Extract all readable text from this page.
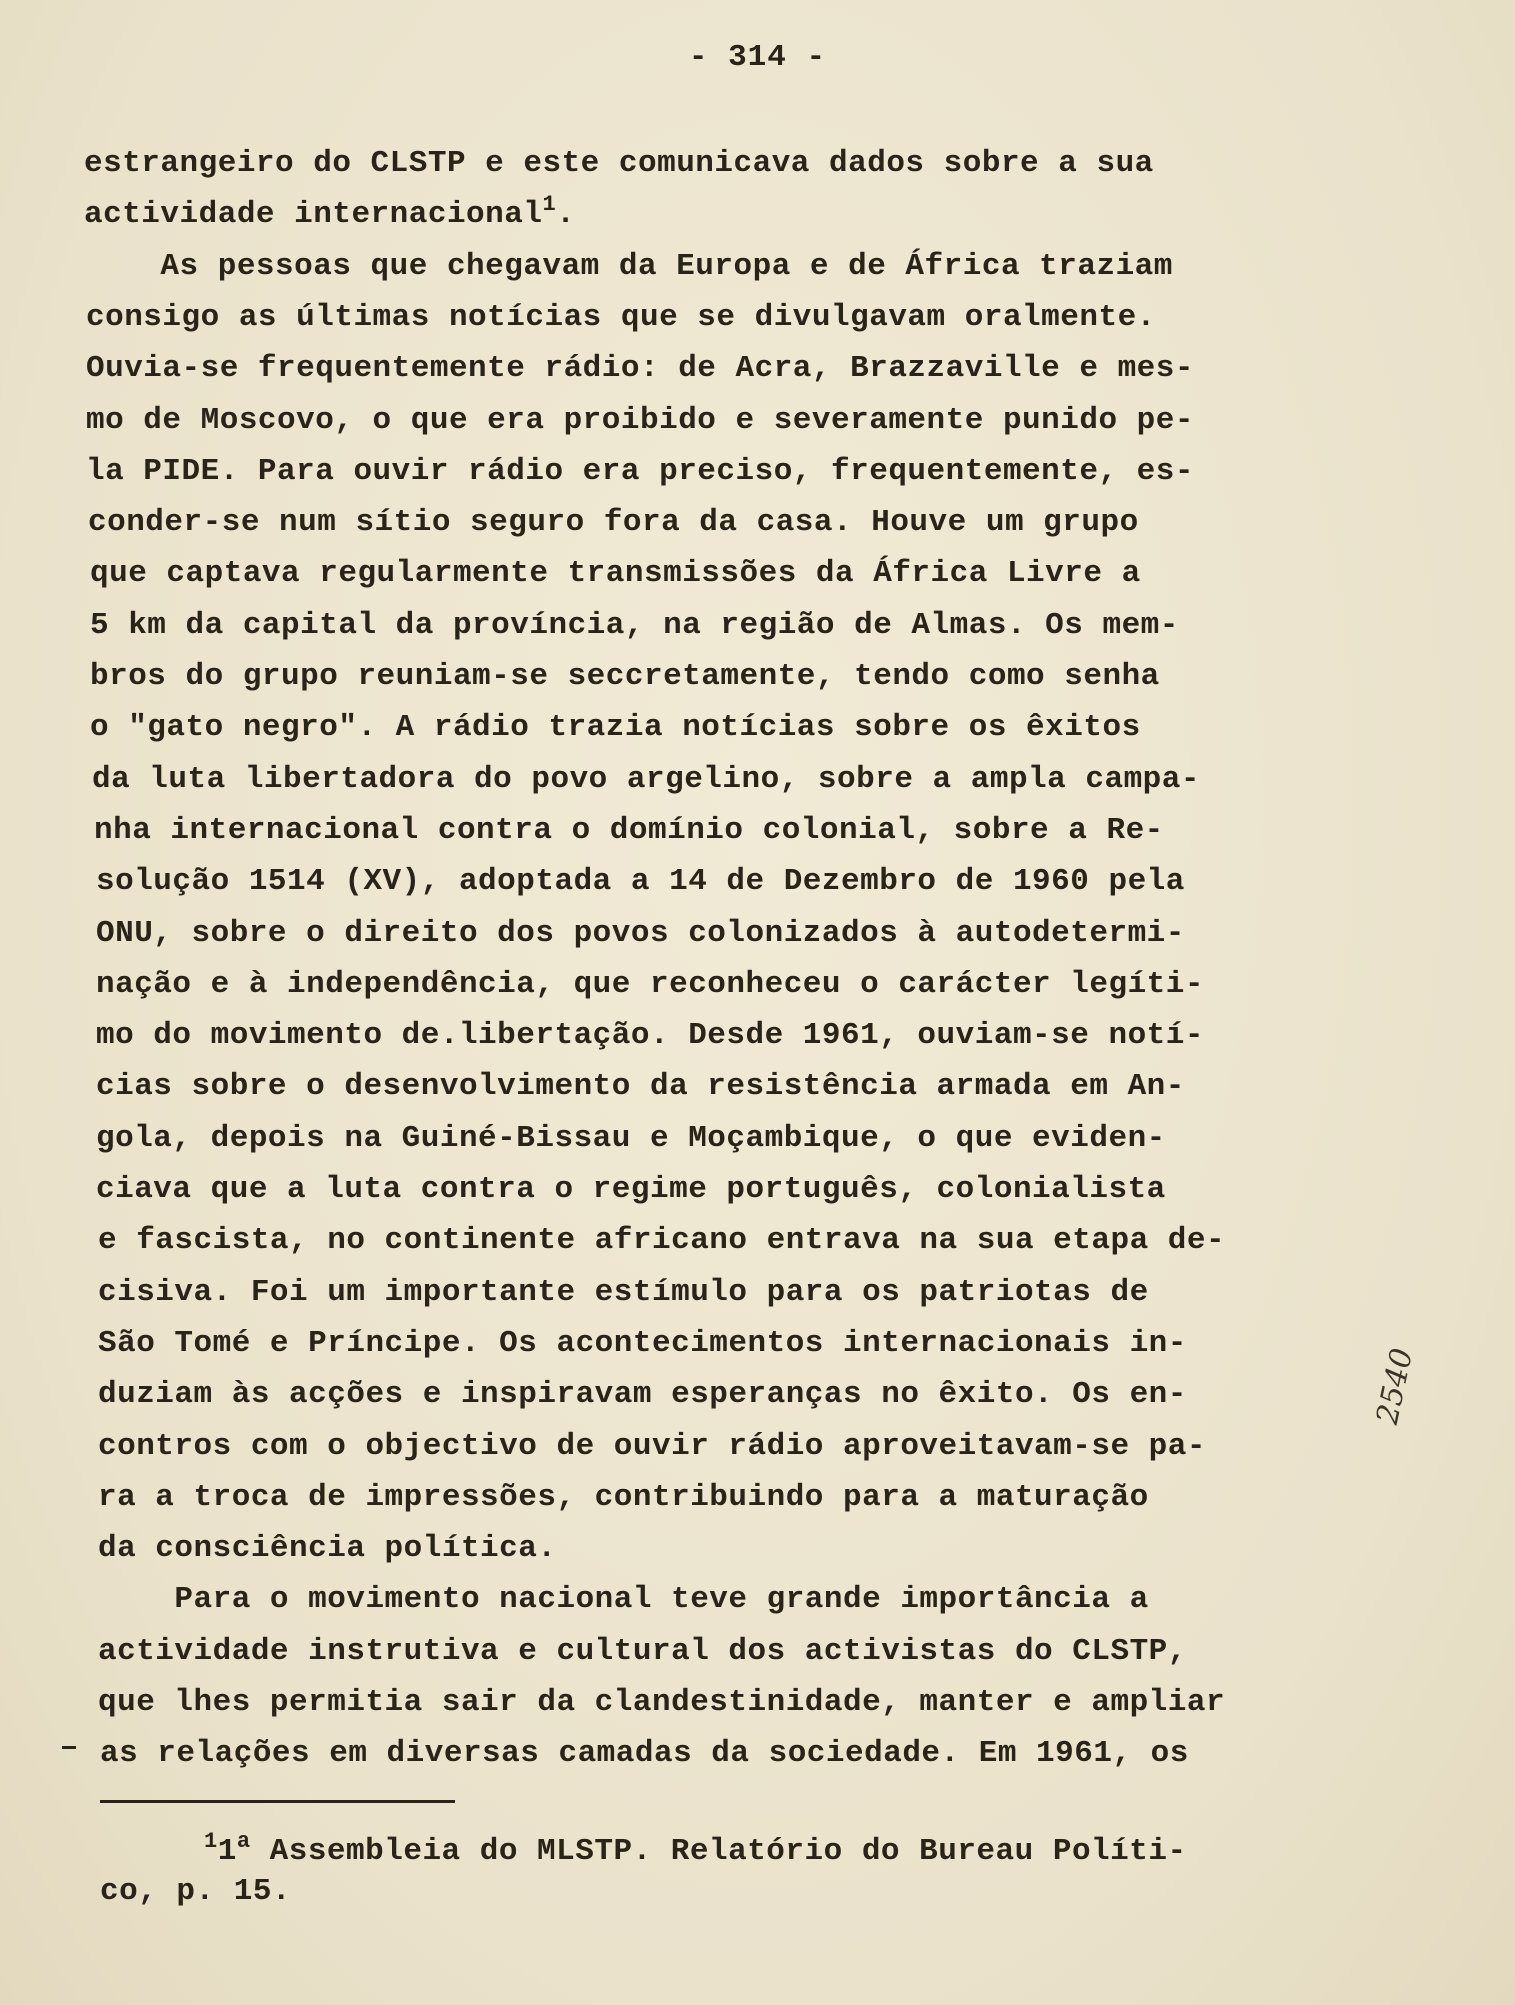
- 314 -
estrangeiro do CLSTP e este comunicava dados sobre a sua
actividade internacional$^1$.
As pessoas que chegavam da Europa e de África traziam
consigo as últimas notícias que se divulgavam oralmente.
Ouvia-se frequentemente rádio: de Acra, Brazzaville e mes-
mo de Moscovo, o que era proibido e severamente punido pe-
la PIDE. Para ouvir rádio era preciso, frequentemente, es-
conder-se num sítio seguro fora da casa. Houve um grupo
que captava regularmente transmissões da África Livre a
5 km da capital da província, na região de Almas. Os mem-
bros do grupo reuniam-se seccretamente, tendo como senha
o "gato negro". A rádio trazia notícias sobre os êxitos
da luta libertadora do povo argelino, sobre a ampla campa-
nha internacional contra o domínio colonial, sobre a Re-
solução 1514 (XV), adoptada a 14 de Dezembro de 1960 pela
ONU, sobre o direito dos povos colonizados à autodetermi-
nação e à independência, que reconheceu o carácter legíti-
mo do movimento de.libertação. Desde 1961, ouviam-se notí-
cias sobre o desenvolvimento da resistência armada em An-
gola, depois na Guiné-Bissau e Moçambique, o que eviden-
ciava que a luta contra o regime português, colonialista
e fascista, no continente africano entrava na sua etapa de-
cisiva. Foi um importante estímulo para os patriotas de
São Tomé e Príncipe. Os acontecimentos internacionais in-
duziam às acções e inspiravam esperanças no êxito. Os en-
contros com o objectivo de ouvir rádio aproveitavam-se pa-
ra a troca de impressões, contribuindo para a maturação
da consciência política.
Para o movimento nacional teve grande importância a
actividade instrutiva e cultural dos activistas do CLSTP,
que lhes permitia sair da clandestinidade, manter e ampliar
as relações em diversas camadas da sociedade. Em 1961, os
$^1$1$^a$ Assembleia do MLSTP. Relatório do Bureau Políti-
co, p. 15.
2540
